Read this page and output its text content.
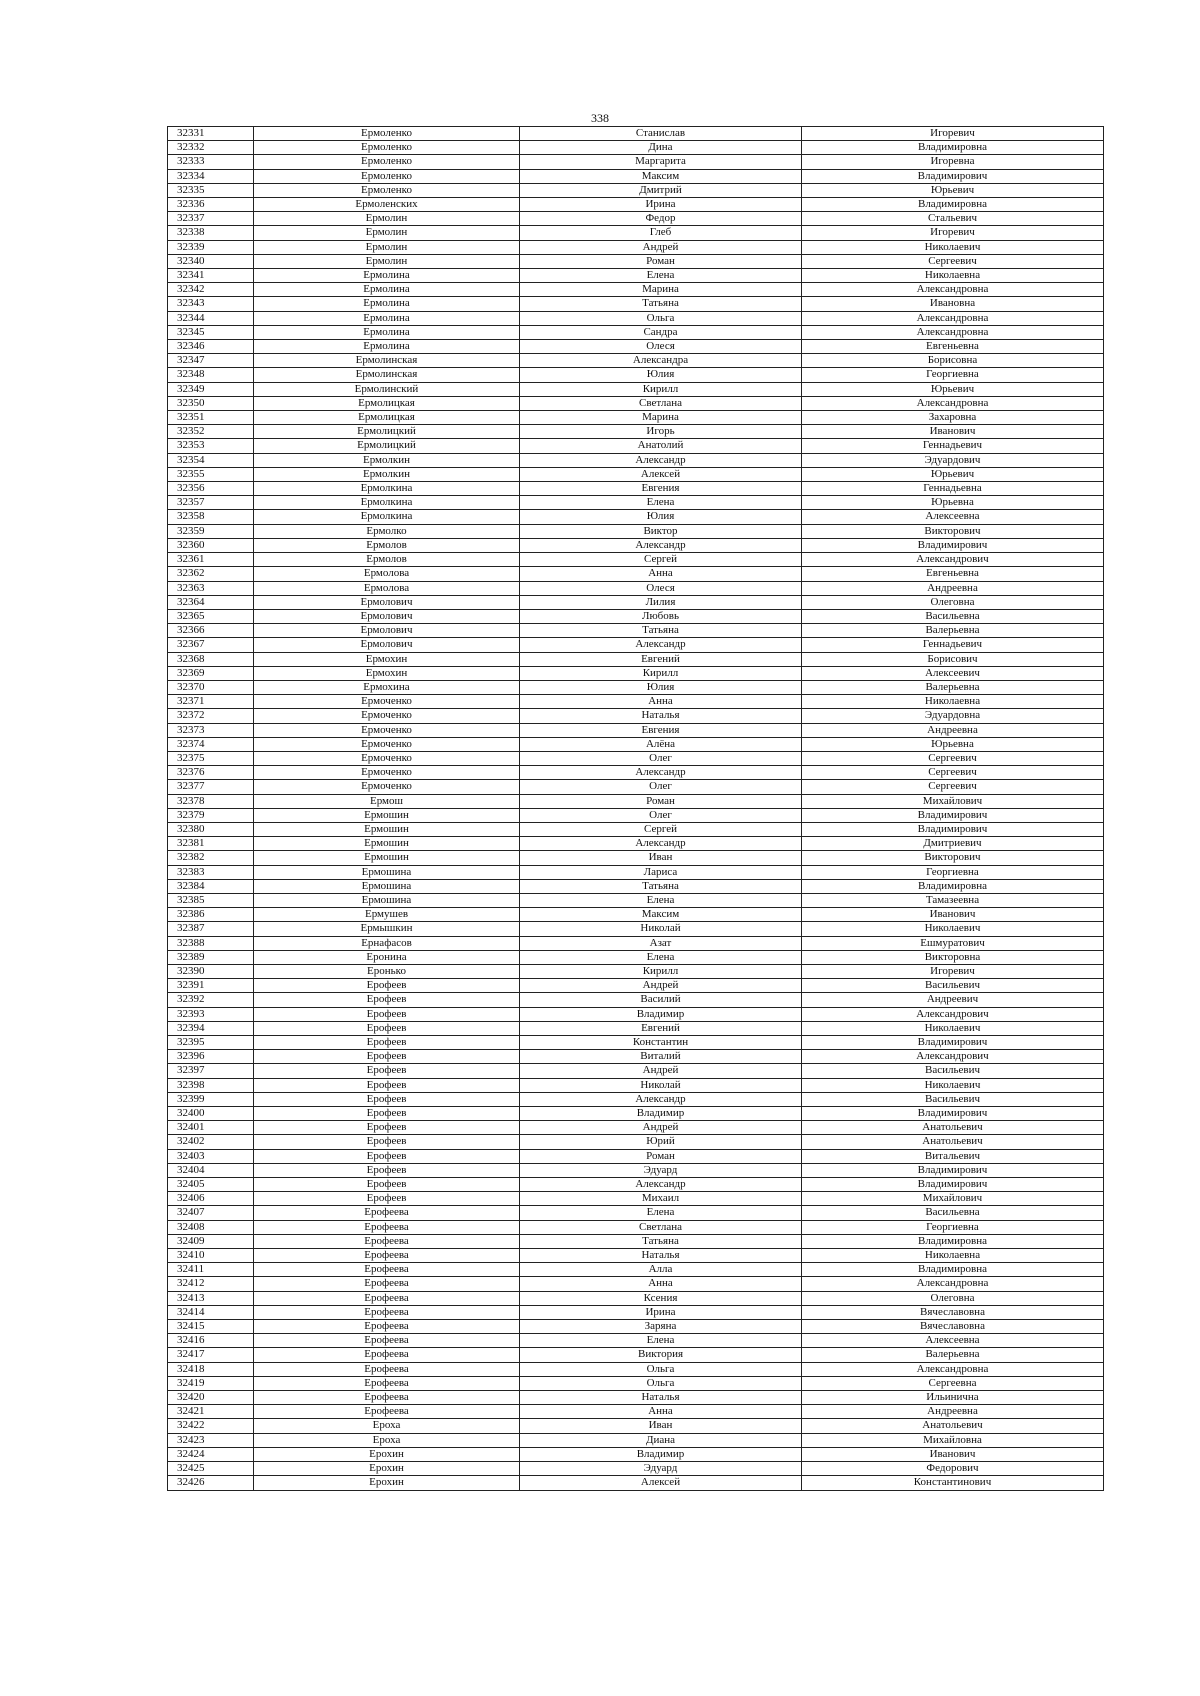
338
32331	Ермоленко	Станислав	Игоревич
32332	Ермоленко	Дина	Владимировна
32333	Ермоленко	Маргарита	Игоревна
32334	Ермоленко	Максим	Владимирович
32335	Ермоленко	Дмитрий	Юрьевич
32336	Ермоленских	Ирина	Владимировна
32337	Ермолин	Федор	Стальевич
32338	Ермолин	Глеб	Игоревич
32339	Ермолин	Андрей	Николаевич
32340	Ермолин	Роман	Сергеевич
32341	Ермолина	Елена	Николаевна
32342	Ермолина	Марина	Александровна
32343	Ермолина	Татьяна	Ивановна
32344	Ермолина	Ольга	Александровна
32345	Ермолина	Сандра	Александровна
32346	Ермолина	Олеся	Евгеньевна
32347	Ермолинская	Александра	Борисовна
32348	Ермолинская	Юлия	Георгиевна
32349	Ермолинский	Кирилл	Юрьевич
32350	Ермолицкая	Светлана	Александровна
32351	Ермолицкая	Марина	Захаровна
32352	Ермолицкий	Игорь	Иванович
32353	Ермолицкий	Анатолий	Геннадьевич
32354	Ермолкин	Александр	Эдуардович
32355	Ермолкин	Алексей	Юрьевич
32356	Ермолкина	Евгения	Геннадьевна
32357	Ермолкина	Елена	Юрьевна
32358	Ермолкина	Юлия	Алексеевна
32359	Ермолко	Виктор	Викторович
32360	Ермолов	Александр	Владимирович
32361	Ермолов	Сергей	Александрович
32362	Ермолова	Анна	Евгеньевна
32363	Ермолова	Олеся	Андреевна
32364	Ермолович	Лилия	Олеговна
32365	Ермолович	Любовь	Васильевна
32366	Ермолович	Татьяна	Валерьевна
32367	Ермолович	Александр	Геннадьевич
32368	Ермохин	Евгений	Борисович
32369	Ермохин	Кирилл	Алексеевич
32370	Ермохина	Юлия	Валерьевна
32371	Ермоченко	Анна	Николаевна
32372	Ермоченко	Наталья	Эдуардовна
32373	Ермоченко	Евгения	Андреевна
32374	Ермоченко	Алёна	Юрьевна
32375	Ермоченко	Олег	Сергеевич
32376	Ермоченко	Александр	Сергеевич
32377	Ермоченко	Олег	Сергеевич
32378	Ермош	Роман	Михайлович
32379	Ермошин	Олег	Владимирович
32380	Ермошин	Сергей	Владимирович
32381	Ермошин	Александр	Дмитриевич
32382	Ермошин	Иван	Викторович
32383	Ермошина	Лариса	Георгиевна
32384	Ермошина	Татьяна	Владимировна
32385	Ермошина	Елена	Тамазеевна
32386	Ермушев	Максим	Иванович
32387	Ермышкин	Николай	Николаевич
32388	Ернафасов	Азат	Ешмуратович
32389	Еронина	Елена	Викторовна
32390	Еронько	Кирилл	Игоревич
32391	Ерофеев	Андрей	Васильевич
32392	Ерофеев	Василий	Андреевич
32393	Ерофеев	Владимир	Александрович
32394	Ерофеев	Евгений	Николаевич
32395	Ерофеев	Константин	Владимирович
32396	Ерофеев	Виталий	Александрович
32397	Ерофеев	Андрей	Васильевич
32398	Ерофеев	Николай	Николаевич
32399	Ерофеев	Александр	Васильевич
32400	Ерофеев	Владимир	Владимирович
32401	Ерофеев	Андрей	Анатольевич
32402	Ерофеев	Юрий	Анатольевич
32403	Ерофеев	Роман	Витальевич
32404	Ерофеев	Эдуард	Владимирович
32405	Ерофеев	Александр	Владимирович
32406	Ерофеев	Михаил	Михайлович
32407	Ерофеева	Елена	Васильевна
32408	Ерофеева	Светлана	Георгиевна
32409	Ерофеева	Татьяна	Владимировна
32410	Ерофеева	Наталья	Николаевна
32411	Ерофеева	Алла	Владимировна
32412	Ерофеева	Анна	Александровна
32413	Ерофеева	Ксения	Олеговна
32414	Ерофеева	Ирина	Вячеславовна
32415	Ерофеева	Заряна	Вячеславовна
32416	Ерофеева	Елена	Алексеевна
32417	Ерофеева	Виктория	Валерьевна
32418	Ерофеева	Ольга	Александровна
32419	Ерофеева	Ольга	Сергеевна
32420	Ерофеева	Наталья	Ильинична
32421	Ерофеева	Анна	Андреевна
32422	Ероха	Иван	Анатольевич
32423	Ероха	Диана	Михайловна
32424	Ерохин	Владимир	Иванович
32425	Ерохин	Эдуард	Федорович
32426	Ерохин	Алексей	Константинович
